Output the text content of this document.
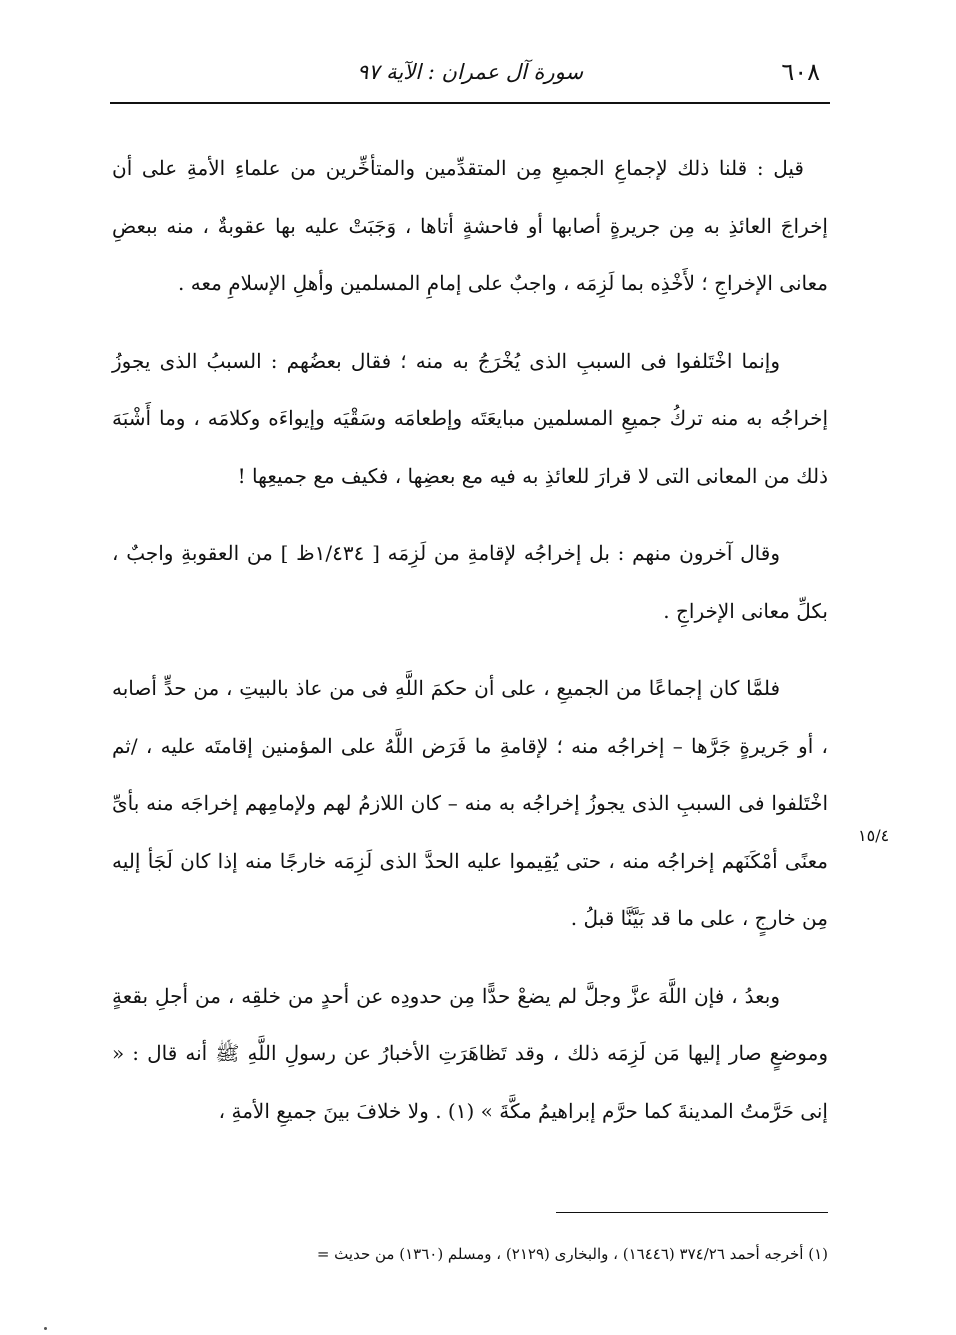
٦٠٨
سورة آل عمران : الآية ٩٧

قيل : قلنا ذلك لإجماعِ الجميعِ مِن المتقدِّمين والمتأخِّرين من علماءِ الأمةِ على أن إخراجَ العائذِ به مِن جريرةٍ أصابها أو فاحشةٍ أتاها ، وَجَبَتْ عليه بها عقوبةٌ ، منه ببعضِ معانى الإخراجِ ؛ لأَخْذِه بما لَزِمَه ، واجبٌ على إمامِ المسلمين وأهلِ الإسلامِ معه .

وإنما اخْتَلفوا فى السببِ الذى يُخْرَجُ به منه ؛ فقال بعضُهم : السببُ الذى يجوزُ إخراجُه به منه تركُ جميعِ المسلمين مبايعَتَه وإطعامَه وسَقْيَه وإيواءَه وكلامَه ، وما أَشْبَهَ ذلك من المعانى التى لا قرارَ للعائذِ به فيه مع بعضِها ، فكيف مع جميعِها !

وقال آخرون منهم : بل إخراجُه لإقامةِ من لَزِمَه [ ١/٤٣٤ظ ] من العقوبةِ واجبٌ ، بكلِّ معانى الإخراجِ .

فلمَّا كان إجماعًا من الجميعِ ، على أن حكمَ اللَّهِ فى من عاذ بالبيتِ ، من حدٍّ أصابه ، أو جَريرةٍ جَرَّها – إخراجُه منه ؛ لإقامةِ ما فَرَض اللَّهُ على المؤمنين إقامتَه عليه ، /ثم اخْتَلفوا فى السببِ الذى يجوزُ إخراجُه به منه – كان اللازمُ لهم ولإمامِهم إخراجَه منه بأىِّ معنًى أمْكَنَهم إخراجُه منه ، حتى يُقِيموا عليه الحدَّ الذى لَزِمَه خارجًا منه إذا كان لَجَأ إليه مِن خارجٍ ، على ما قد بَيَّنَّا قبلُ .

وبعدُ ، فإن اللَّهَ عزَّ وجلَّ لم يضعْ حدًّا مِن حدودِه عن أحدٍ من خلقِه ، من أجلِ بقعةٍ وموضعٍ صار إليها مَن لَزِمَه ذلك ، وقد تَظاهَرَتِ الأخبارُ عن رسولِ اللَّهِ ﷺ أنه قال : « إنى حَرَّمتُ المدينةَ كما حرَّم إبراهيمُ مكَّةَ » (١) . ولا خلافَ بينَ جميعِ الأمةِ ،

١٥/٤
(١) أخرجه أحمد ٣٧٤/٢٦ (١٦٤٤٦) ، والبخارى (٢١٢٩) ، ومسلم (١٣٦٠) من حديث =
